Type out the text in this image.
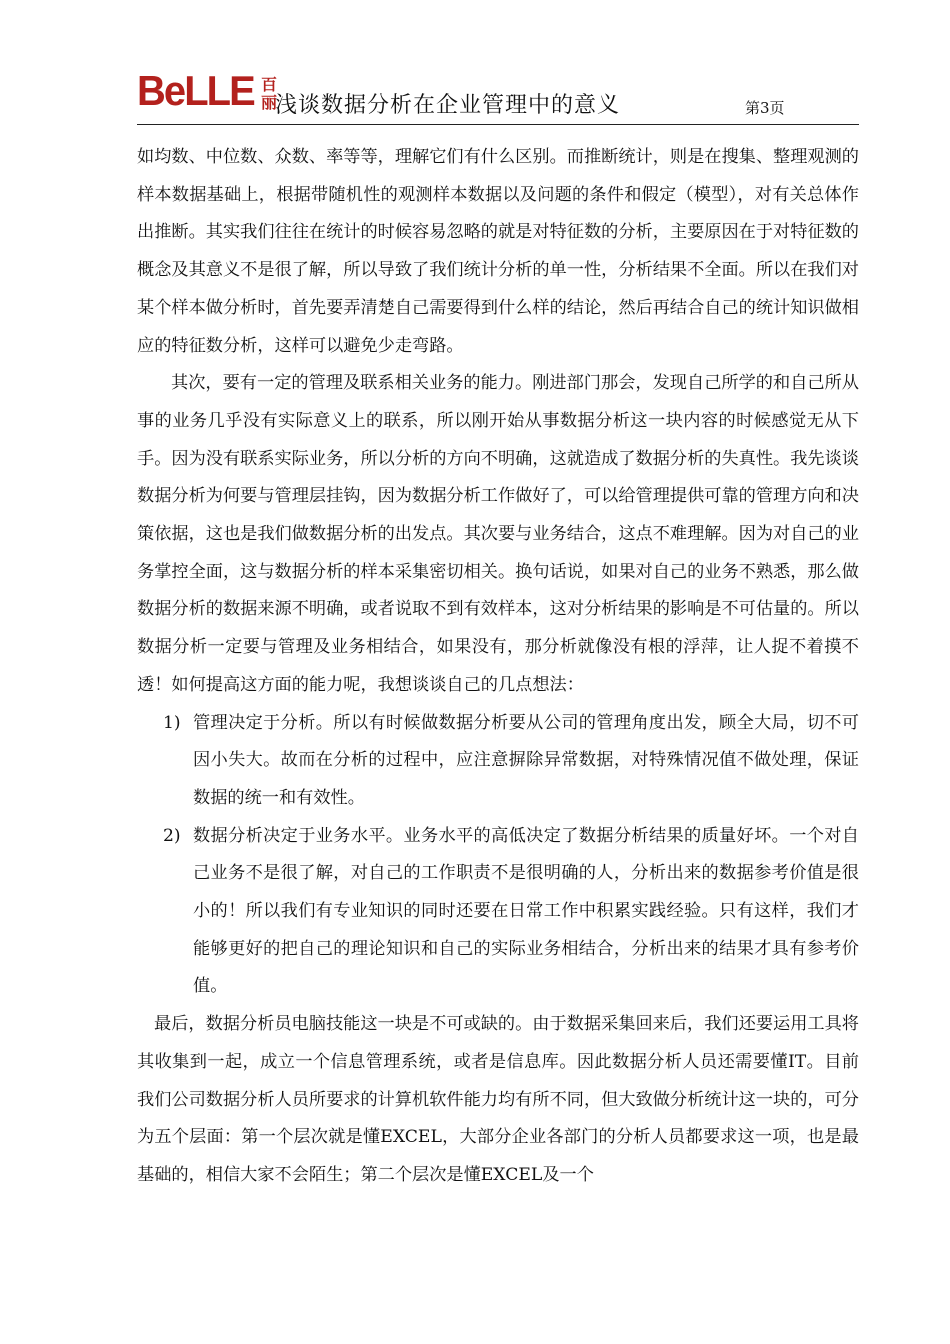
BeLLE 百
丽
浅谈数据分析在企业管理中的意义	第3页

如均数、中位数、众数、率等等，理解它们有什么区别。而推断统计，则是在搜集、整理观测的样本数据基础上，根据带随机性的观测样本数据以及问题的条件和假定（模型），对有关总体作出推断。其实我们往往在统计的时候容易忽略的就是对特征数的分析，主要原因在于对特征数的概念及其意义不是很了解，所以导致了我们统计分析的单一性，分析结果不全面。所以在我们对某个样本做分析时，首先要弄清楚自己需要得到什么样的结论，然后再结合自己的统计知识做相应的特征数分析，这样可以避免少走弯路。

其次，要有一定的管理及联系相关业务的能力。刚进部门那会，发现自己所学的和自己所从事的业务几乎没有实际意义上的联系，所以刚开始从事数据分析这一块内容的时候感觉无从下手。因为没有联系实际业务，所以分析的方向不明确，这就造成了数据分析的失真性。我先谈谈数据分析为何要与管理层挂钩，因为数据分析工作做好了，可以给管理提供可靠的管理方向和决策依据，这也是我们做数据分析的出发点。其次要与业务结合，这点不难理解。因为对自己的业务掌控全面，这与数据分析的样本采集密切相关。换句话说，如果对自己的业务不熟悉，那么做数据分析的数据来源不明确，或者说取不到有效样本，这对分析结果的影响是不可估量的。所以数据分析一定要与管理及业务相结合，如果没有，那分析就像没有根的浮萍，让人捉不着摸不透！如何提高这方面的能力呢，我想谈谈自己的几点想法：

1) 管理决定于分析。所以有时候做数据分析要从公司的管理角度出发，顾全大局，切不可因小失大。故而在分析的过程中，应注意摒除异常数据，对特殊情况值不做处理，保证数据的统一和有效性。
2) 数据分析决定于业务水平。业务水平的高低决定了数据分析结果的质量好坏。一个对自己业务不是很了解，对自己的工作职责不是很明确的人，分析出来的数据参考价值是很小的！所以我们有专业知识的同时还要在日常工作中积累实践经验。只有这样，我们才能够更好的把自己的理论知识和自己的实际业务相结合，分析出来的结果才具有参考价值。

最后，数据分析员电脑技能这一块是不可或缺的。由于数据采集回来后，我们还要运用工具将其收集到一起，成立一个信息管理系统，或者是信息库。因此数据分析人员还需要懂IT。目前我们公司数据分析人员所要求的计算机软件能力均有所不同，但大致做分析统计这一块的，可分为五个层面：第一个层次就是懂EXCEL，大部分企业各部门的分析人员都要求这一项，也是最基础的，相信大家不会陌生；第二个层次是懂EXCEL及一个
